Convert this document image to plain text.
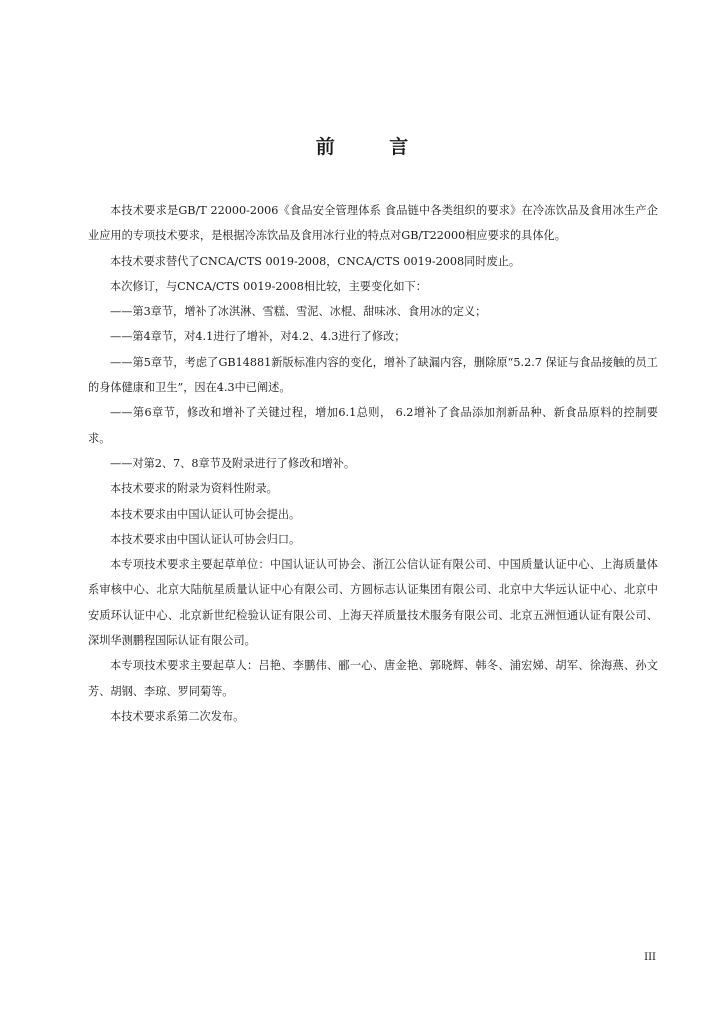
前 言

本技术要求是GB/T 22000-2006《食品安全管理体系 食品链中各类组织的要求》在冷冻饮品及食用冰生产企业应用的专项技术要求，是根据冷冻饮品及食用冰行业的特点对GB/T22000相应要求的具体化。

本技术要求替代了CNCA/CTS 0019-2008，CNCA/CTS 0019-2008同时废止。

本次修订，与CNCA/CTS 0019-2008相比较，主要变化如下：

——第3章节，增补了冰淇淋、雪糕、雪泥、冰棍、甜味冰、食用冰的定义；

——第4章节，对4.1进行了增补，对4.2、4.3进行了修改；

——第5章节，考虑了GB14881新版标准内容的变化，增补了缺漏内容，删除原“5.2.7 保证与食品接触的员工的身体健康和卫生”，因在4.3中已阐述。

——第6章节，修改和增补了关键过程，增加6.1总则， 6.2增补了食品添加剂新品种、新食品原料的控制要求。

——对第2、7、8章节及附录进行了修改和增补。

本技术要求的附录为资料性附录。

本技术要求由中国认证认可协会提出。

本技术要求由中国认证认可协会归口。

本专项技术要求主要起草单位：中国认证认可协会、浙江公信认证有限公司、中国质量认证中心、上海质量体系审核中心、北京大陆航星质量认证中心有限公司、方圆标志认证集团有限公司、北京中大华远认证中心、北京中安质环认证中心、北京新世纪检验认证有限公司、上海天祥质量技术服务有限公司、北京五洲恒通认证有限公司、深圳华测鹏程国际认证有限公司。

本专项技术要求主要起草人：吕艳、李鹏伟、郦一心、唐金艳、郭晓辉、韩冬、浦宏娣、胡军、徐海燕、孙文芳、胡钢、李琼、罗同菊等。

本技术要求系第二次发布。

III
